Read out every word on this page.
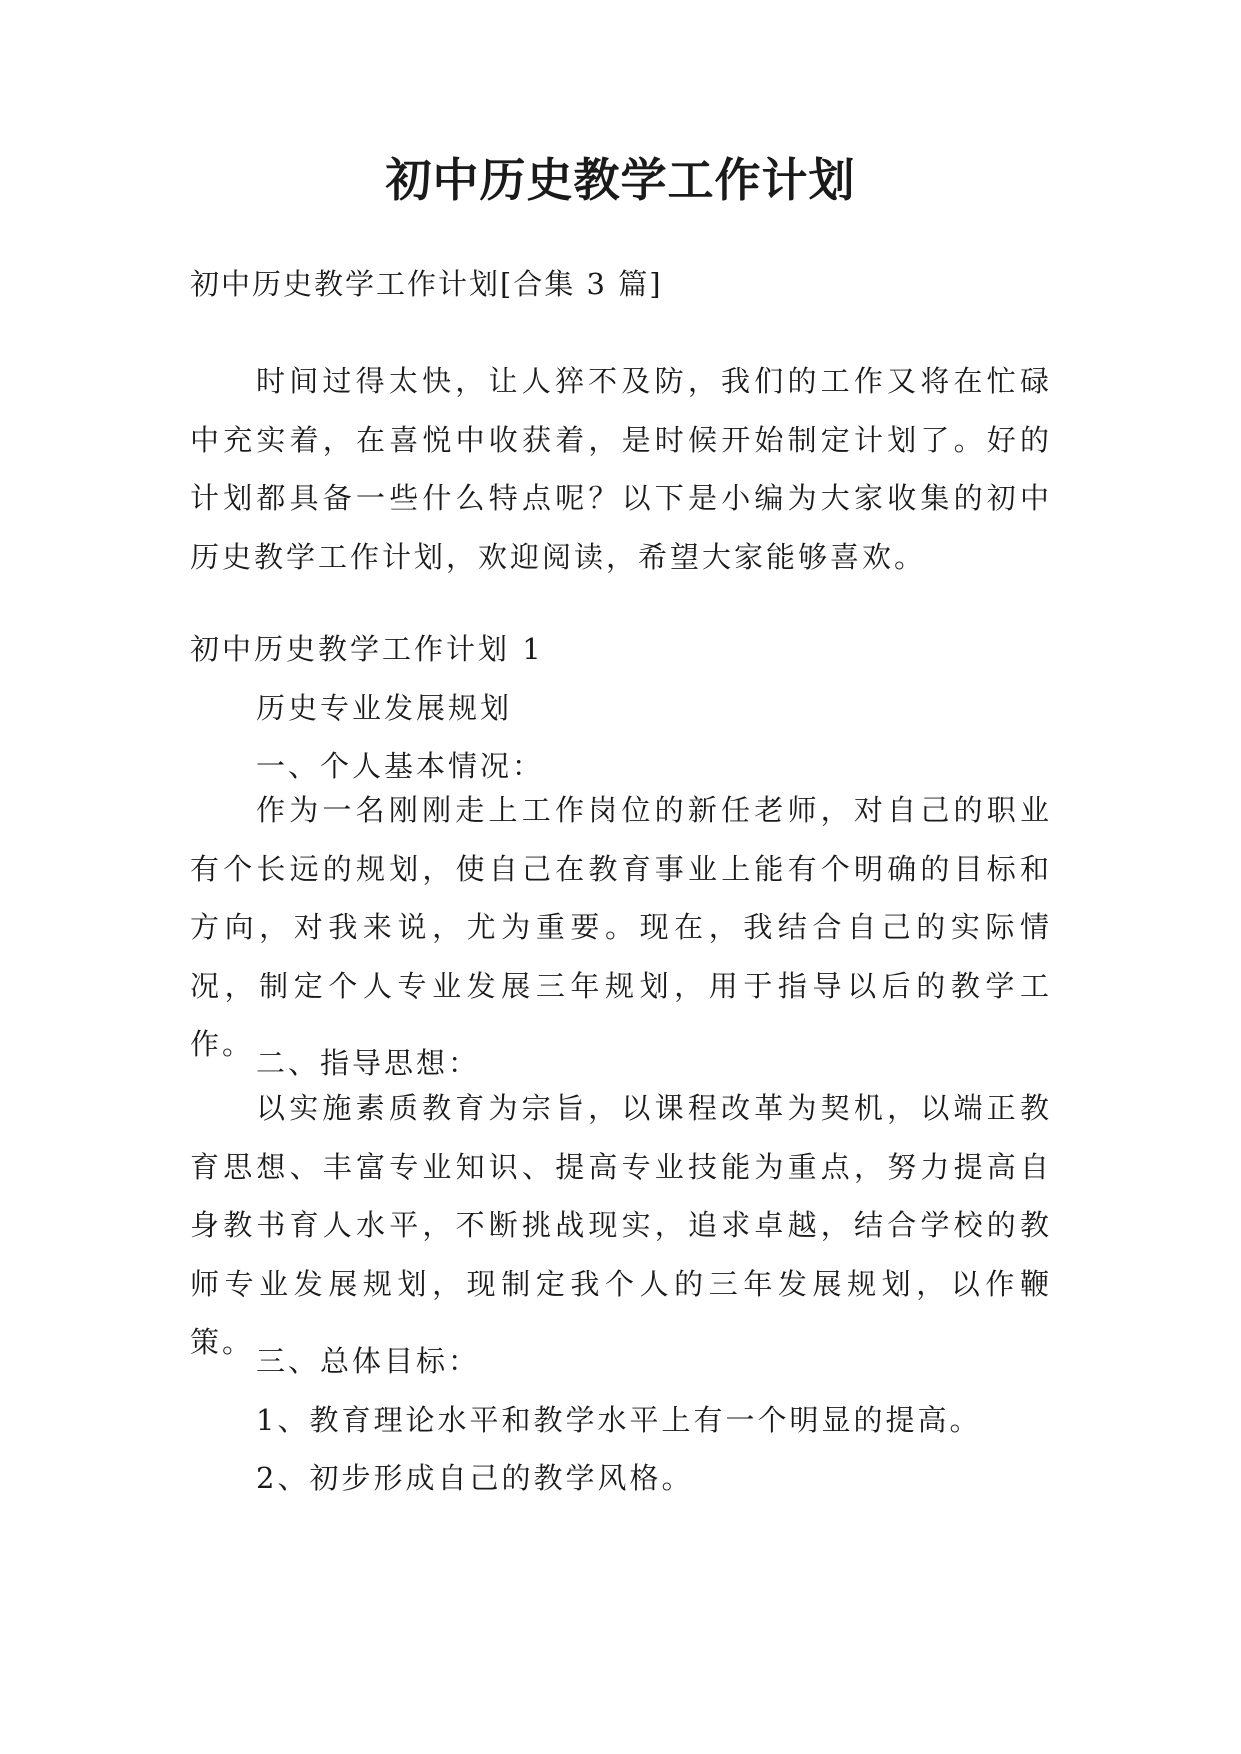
初中历史教学工作计划
初中历史教学工作计划[合集 3 篇]

时间过得太快，让人猝不及防，我们的工作又将在忙碌中充实着，在喜悦中收获着，是时候开始制定计划了。好的计划都具备一些什么特点呢？以下是小编为大家收集的初中历史教学工作计划，欢迎阅读，希望大家能够喜欢。

初中历史教学工作计划 1
历史专业发展规划
一、个人基本情况：

作为一名刚刚走上工作岗位的新任老师，对自己的职业有个长远的规划，使自己在教育事业上能有个明确的目标和方向，对我来说，尤为重要。现在，我结合自己的实际情况，制定个人专业发展三年规划，用于指导以后的教学工作。

二、指导思想：

以实施素质教育为宗旨，以课程改革为契机，以端正教育思想、丰富专业知识、提高专业技能为重点，努力提高自身教书育人水平，不断挑战现实，追求卓越，结合学校的教师专业发展规划，现制定我个人的三年发展规划，以作鞭策。

三、总体目标：
1、教育理论水平和教学水平上有一个明显的提高。
2、初步形成自己的教学风格。
